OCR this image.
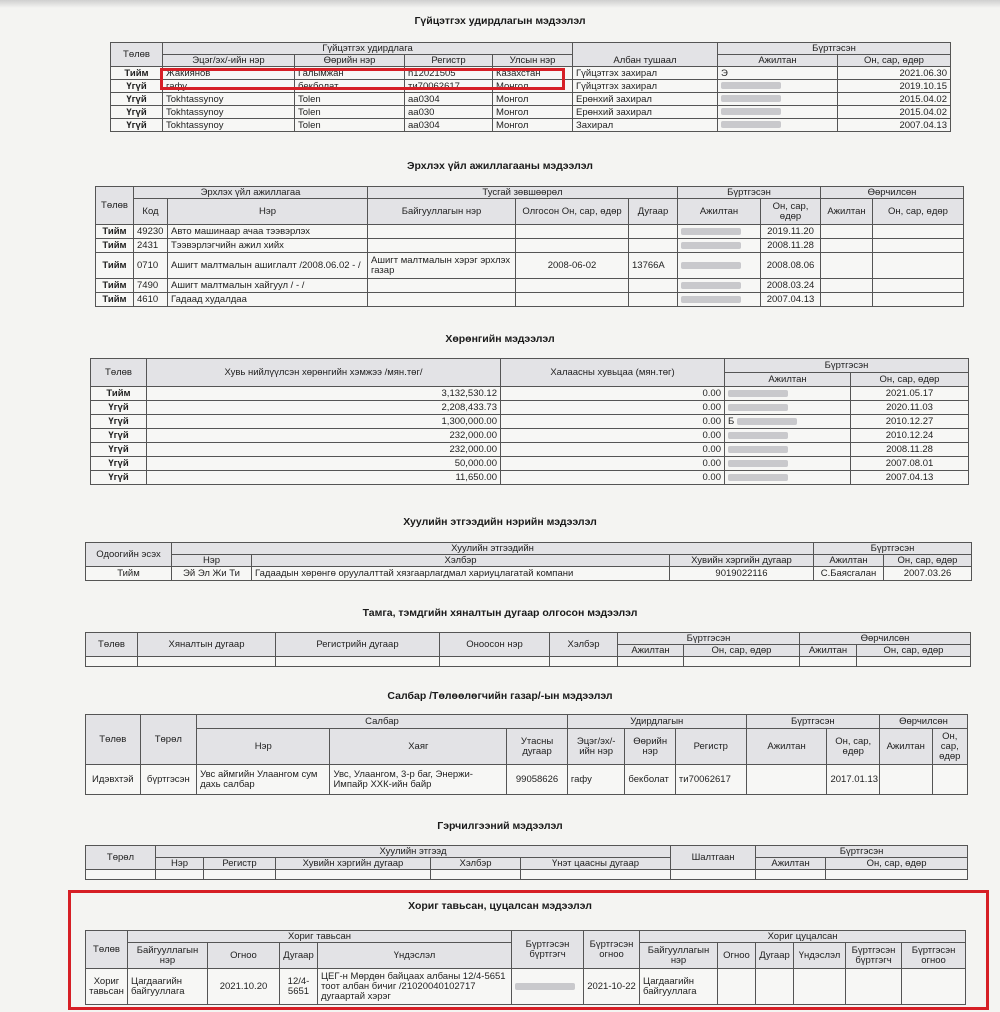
Гүйцэтгэх удирдлагын мэдээлэл
Төлөв	Гүйцэтгэх удирдлага				Албан тушаал	Бүртгэсэн	
	Эцэг/эх/-ийн нэр	Өөрийн нэр	Регистр	Улсын нэр		Ажилтан	Он, сар, өдөр
Тийм	Жакиянов	Галымжан	n12021505	Казахстан	Гүйцэтгэх захирал	Э	2021.06.30
Үгүй	гафу	бекболат	ти70062617	Монгол	Гүйцэтгэх захирал		2019.10.15
Үгүй	Tokhtassynoy	Tolen	aa0304	Монгол	Ерөнхий захирал		2015.04.02
Үгүй	Tokhtassynoy	Tolen	aa030	Монгол	Ерөнхий захирал		2015.04.02
Үгүй	Tokhtassynoy	Tolen	aa0304	Монгол	Захирал		2007.04.13
Эрхлэх үйл ажиллагааны мэдээлэл
Төлөв	Эрхлэх үйл ажиллагаа		Тусгай зөвшөөрөл			Бүртгэсэн		Өөрчилсөн	
	Код	Нэр	Байгууллагын нэр	Олгосон Он, сар, өдөр	Дугаар	Ажилтан	Он, сар, өдөр	Ажилтан	Он, сар, өдөр
Тийм	49230	Авто машинаар ачаа тээвэрлэх					2019.11.20		
Тийм	2431	Тээвэрлэгчийн ажил хийх					2008.11.28		
Тийм	0710	Ашигт малтмалын ашиглалт /2008.06.02 - /	Ашигт малтмалын хэрэг эрхлэх газар	2008-06-02	13766A		2008.08.06		
Тийм	7490	Ашигт малтмалын хайгуул / - /					2008.03.24		
Тийм	4610	Гадаад худалдаа					2007.04.13		
Хөрөнгийн мэдээлэл
Төлөв	Хувь нийлүүлсэн хөрөнгийн хэмжээ /мян.төг/	Халаасны хувьцаа (мян.төг)	Бүртгэсэн	
			Ажилтан	Он, сар, өдөр
Тийм	3,132,530.12	0.00		2021.05.17
Үгүй	2,208,433.73	0.00		2020.11.03
Үгүй	1,300,000.00	0.00	Б	2010.12.27
Үгүй	232,000.00	0.00		2010.12.24
Үгүй	232,000.00	0.00		2008.11.28
Үгүй	50,000.00	0.00		2007.08.01
Үгүй	11,650.00	0.00		2007.04.13
Хуулийн этгээдийн нэрийн мэдээлэл
Одоогийн эсэх	Хуулийн этгээдийн			Бүртгэсэн	
	Нэр	Хэлбэр	Хувийн хэргийн дугаар	Ажилтан	Он, сар, өдөр
Тийм	Эй Эл Жи Ти	Гадаадын хөрөнгө оруулалттай хязгаарлагдмал хариуцлагатай компани	9019022116	С.Баясгалан	2007.03.26
Тамга, тэмдгийн хяналтын дугаар олгосон мэдээлэл
Төлөв	Хяналтын дугаар	Регистрийн дугаар	Оноосон нэр	Хэлбэр	Бүртгэсэн		Өөрчилсөн	
					Ажилтан	Он, сар, өдөр	Ажилтан	Он, сар, өдөр

Салбар /Төлөөлөгчийн газар/-ын мэдээлэл
Төлөв	Төрөл	Салбар			Удирдлагын			Бүртгэсэн		Өөрчилсөн	
		Нэр	Хаяг	Утасны дугаар	Эцэг/эх/-ийн нэр	Өөрийн нэр	Регистр	Ажилтан	Он, сар, өдөр	Ажилтан	Он, сар, өдөр
Идэвхтэй	бүртгэсэн	Увс аймгийн Улаангом сум дахь салбар	Увс, Улаангом, 3-р баг, Энержи-Импайр ХХК-ийн байр	99058626	гафу	бекболат	ти70062617		2017.01.13		
Гэрчилгээний мэдээлэл
Төрөл	Хуулийн этгээд					Шалтгаан	Бүртгэсэн	
	Нэр	Регистр	Хувийн хэргийн дугаар	Хэлбэр	Үнэт цаасны дугаар		Ажилтан	Он, сар, өдөр

Хориг тавьсан, цуцалсан мэдээлэл
Төлөв	Хориг тавьсан				Бүртгэсэн бүртгэгч	Бүртгэсэн огноо	Хориг цуцалсан					
	Байгууллагын нэр	Огноо	Дугаар	Үндэслэл			Байгууллагын нэр	Огноо	Дугаар	Үндэслэл	Бүртгэсэн бүртгэгч	Бүртгэсэн огноо
Хориг тавьсан	Цагдаагийн байгууллага	2021.10.20	12/4-5651	ЦЕГ-н Мөрдөн байцаах албаны 12/4-5651 тоот албан бичиг /21020040102717 дугаартай хэрэг		2021-10-22	Цагдаагийн байгууллага					
